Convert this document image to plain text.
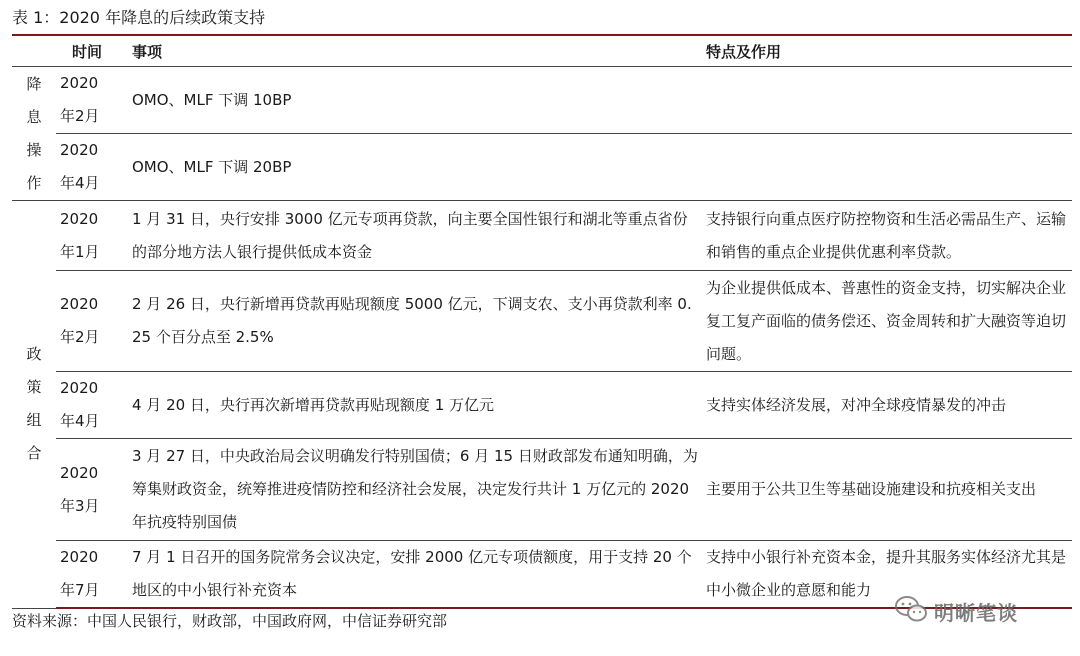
表 1：2020 年降息的后续政策支持
	时间	事项	特点及作用
降息操作	2020
年2月	OMO、MLF 下调 10BP	

	2020
年4月	OMO、MLF 下调 20BP	
政策组合	2020
年1月	1 月 31 日，央行安排 3000 亿元专项再贷款，向主要全国性银行和湖北等重点省份的部分地方法人银行提供低成本资金	支持银行向重点医疗防控物资和生活必需品生产、运输和销售的重点企业提供优惠利率贷款。

	2020
年2月	2 月 26 日，央行新增再贷款再贴现额度 5000 亿元，下调支农、支小再贷款利率 0.25 个百分点至 2.5%	为企业提供低成本、普惠性的资金支持，切实解决企业复工复产面临的债务偿还、资金周转和扩大融资等迫切问题。

	2020
年4月	4 月 20 日，央行再次新增再贷款再贴现额度 1 万亿元	支持实体经济发展，对冲全球疫情暴发的冲击

	2020
年3月	3 月 27 日，中央政治局会议明确发行特别国债；6 月 15 日财政部发布通知明确，为筹集财政资金，统筹推进疫情防控和经济社会发展，决定发行共计 1 万亿元的 2020 年抗疫特别国债	主要用于公共卫生等基础设施建设和抗疫相关支出

	2020
年7月	7 月 1 日召开的国务院常务会议决定，安排 2000 亿元专项债额度，用于支持 20 个地区的中小银行补充资本	支持中小银行补充资本金，提升其服务实体经济尤其是中小微企业的意愿和能力
资料来源：中国人民银行，财政部，中国政府网，中信证券研究部	明晰笔谈
